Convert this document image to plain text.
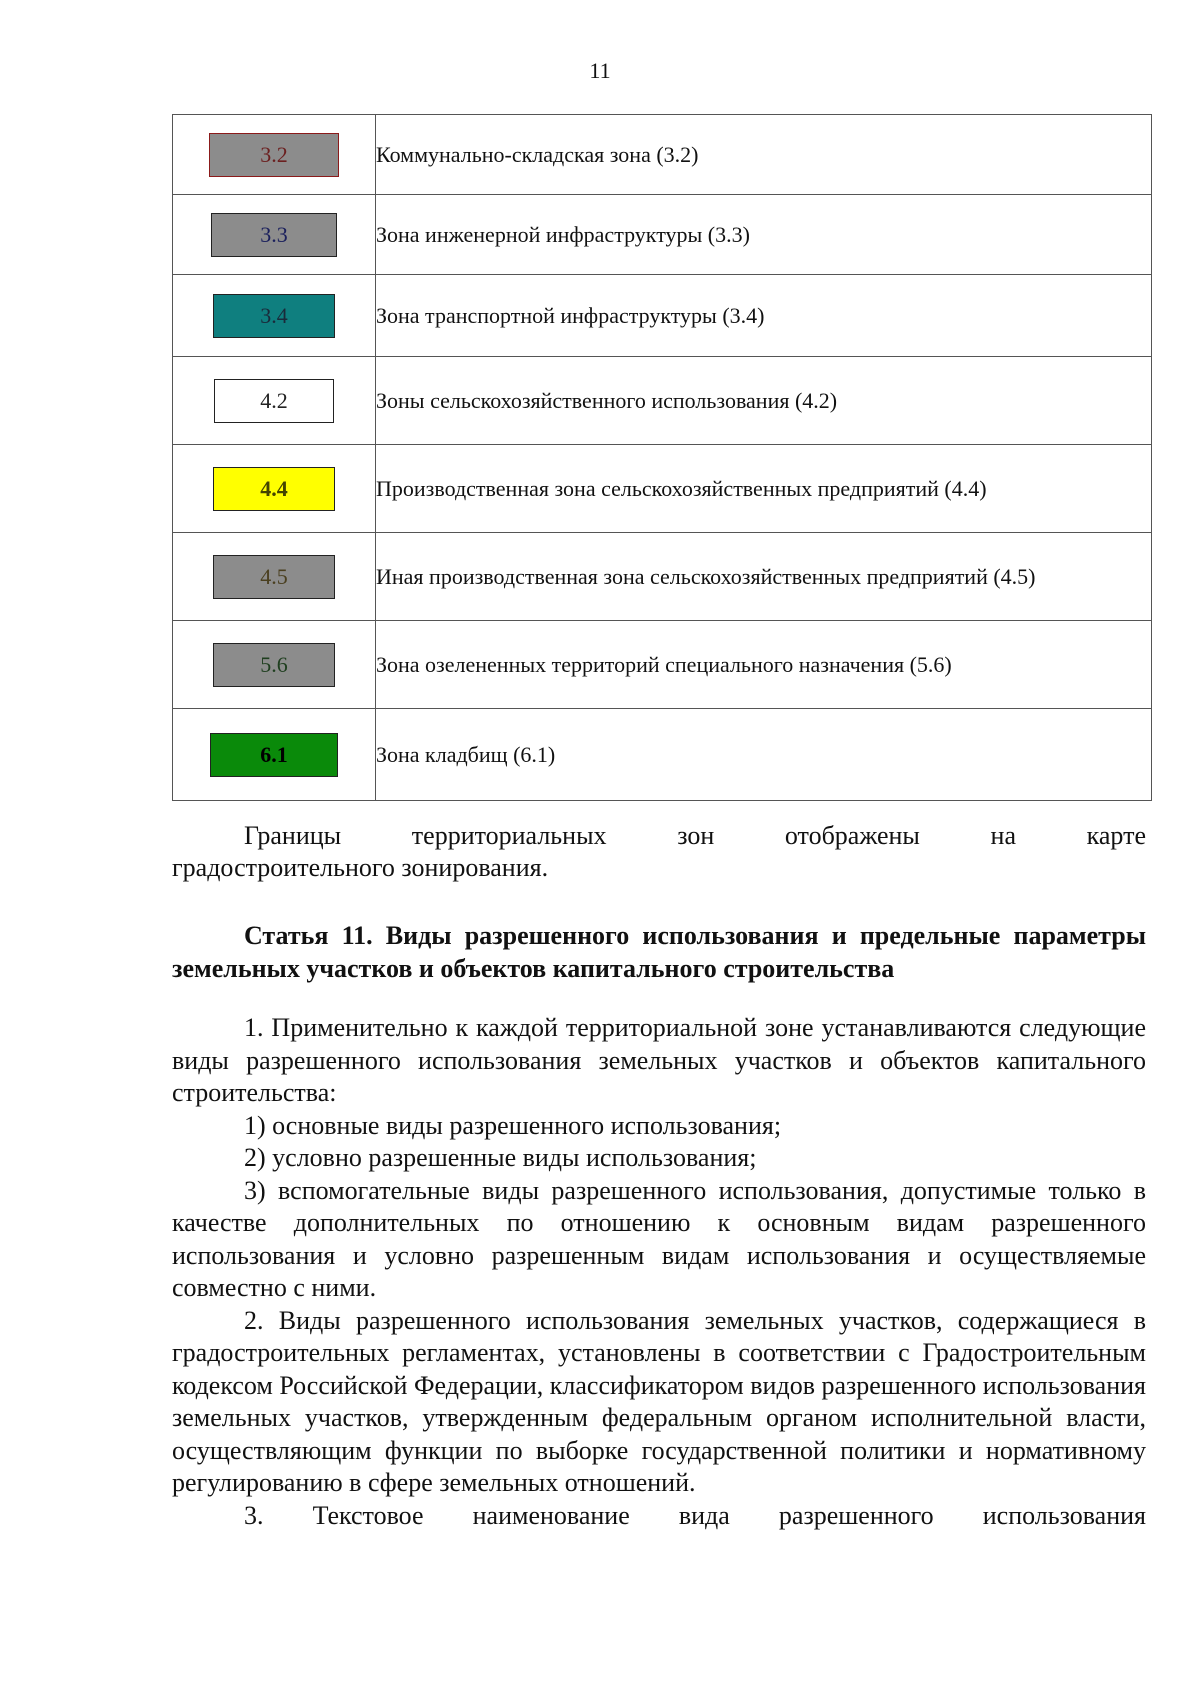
11
3.2	Коммунально-складская зона (3.2)

3.3	Зона инженерной инфраструктуры (3.3)

3.4	Зона транспортной инфраструктуры (3.4)

4.2	Зоны сельскохозяйственного использования (4.2)

4.4	Производственная зона сельскохозяйственных предприятий (4.4)

4.5	Иная производственная зона сельскохозяйственных предприятий (4.5)

5.6	Зона озелененных территорий специального назначения (5.6)

6.1	Зона кладбищ (6.1)
Границы территориальных зон отображены на карте
градостроительного зонирования.

Статья 11. Виды разрешенного использования и предельные параметры земельных участков и объектов капитального строительства

1. Применительно к каждой территориальной зоне устанавливаются следующие виды разрешенного использования земельных участков и объектов капитального строительства:

1) основные виды разрешенного использования;

2) условно разрешенные виды использования;

3) вспомогательные виды разрешенного использования, допустимые только в качестве дополнительных по отношению к основным видам разрешенного использования и условно разрешенным видам использования и осуществляемые совместно с ними.

2. Виды разрешенного использования земельных участков, содержащиеся в градостроительных регламентах, установлены в соответствии с Градостроительным кодексом Российской Федерации, классификатором видов разрешенного использования земельных участков, утвержденным федеральным органом исполнительной власти, осуществляющим функции по выборке государственной политики и нормативному регулированию в сфере земельных отношений.

3. Текстовое наименование вида разрешенного использования
